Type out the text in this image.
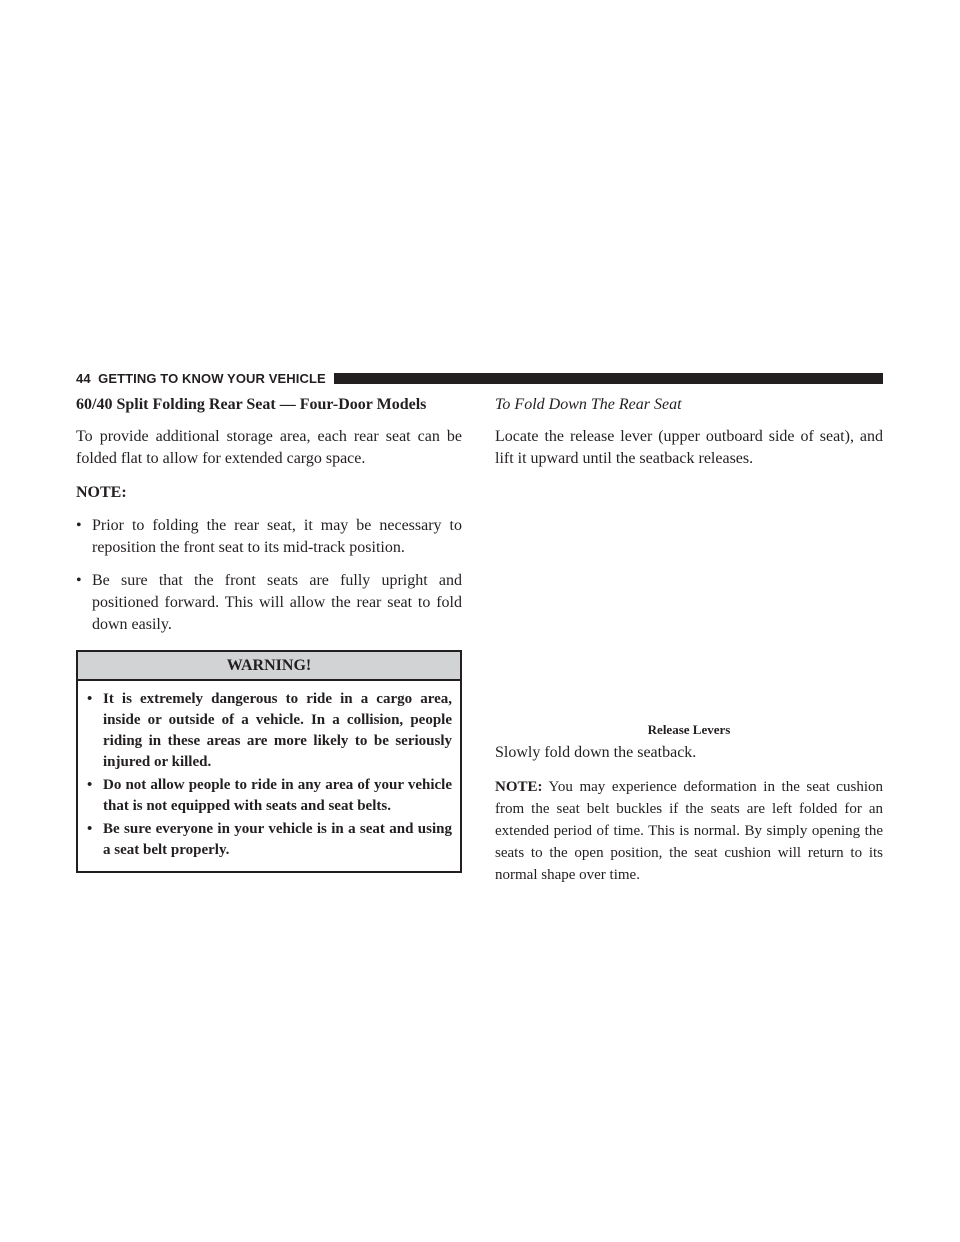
44 GETTING TO KNOW YOUR VEHICLE
60/40 Split Folding Rear Seat — Four-Door Models

To provide additional storage area, each rear seat can be folded flat to allow for extended cargo space.

NOTE:
• Prior to folding the rear seat, it may be necessary to reposition the front seat to its mid-track position.
• Be sure that the front seats are fully upright and positioned forward. This will allow the rear seat to fold down easily.
WARNING!
• It is extremely dangerous to ride in a cargo area, inside or outside of a vehicle. In a collision, people riding in these areas are more likely to be seriously injured or killed.
• Do not allow people to ride in any area of your vehicle that is not equipped with seats and seat belts.
• Be sure everyone in your vehicle is in a seat and using a seat belt properly.
To Fold Down The Rear Seat

Locate the release lever (upper outboard side of seat), and lift it upward until the seatback releases.

Release Levers

Slowly fold down the seatback.

NOTE: You may experience deformation in the seat cushion from the seat belt buckles if the seats are left folded for an extended period of time. This is normal. By simply opening the seats to the open position, the seat cushion will return to its normal shape over time.
